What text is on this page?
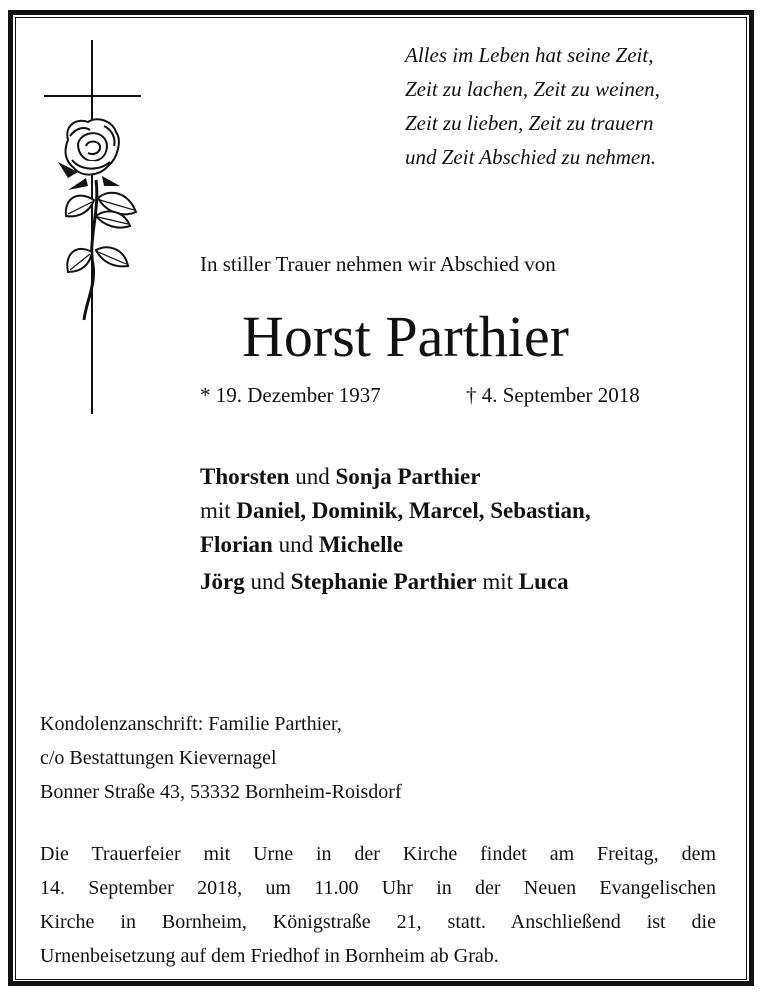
Alles im Leben hat seine Zeit,
Zeit zu lachen, Zeit zu weinen,
Zeit zu lieben, Zeit zu trauern
und Zeit Abschied zu nehmen.
In stiller Trauer nehmen wir Abschied von
Horst Parthier
* 19. Dezember 1937	† 4. September 2018
Thorsten und Sonja Parthier
mit Daniel, Dominik, Marcel, Sebastian,
Florian und Michelle
Jörg und Stephanie Parthier mit Luca
Kondolenzanschrift: Familie Parthier,
c/o Bestattungen Kievernagel
Bonner Straße 43, 53332 Bornheim-Roisdorf
Die Trauerfeier mit Urne in der Kirche findet am Freitag, dem
14. September 2018, um 11.00 Uhr in der Neuen Evangelischen
Kirche in Bornheim, Königstraße 21, statt. Anschließend ist die
Urnenbeisetzung auf dem Friedhof in Bornheim ab Grab.
